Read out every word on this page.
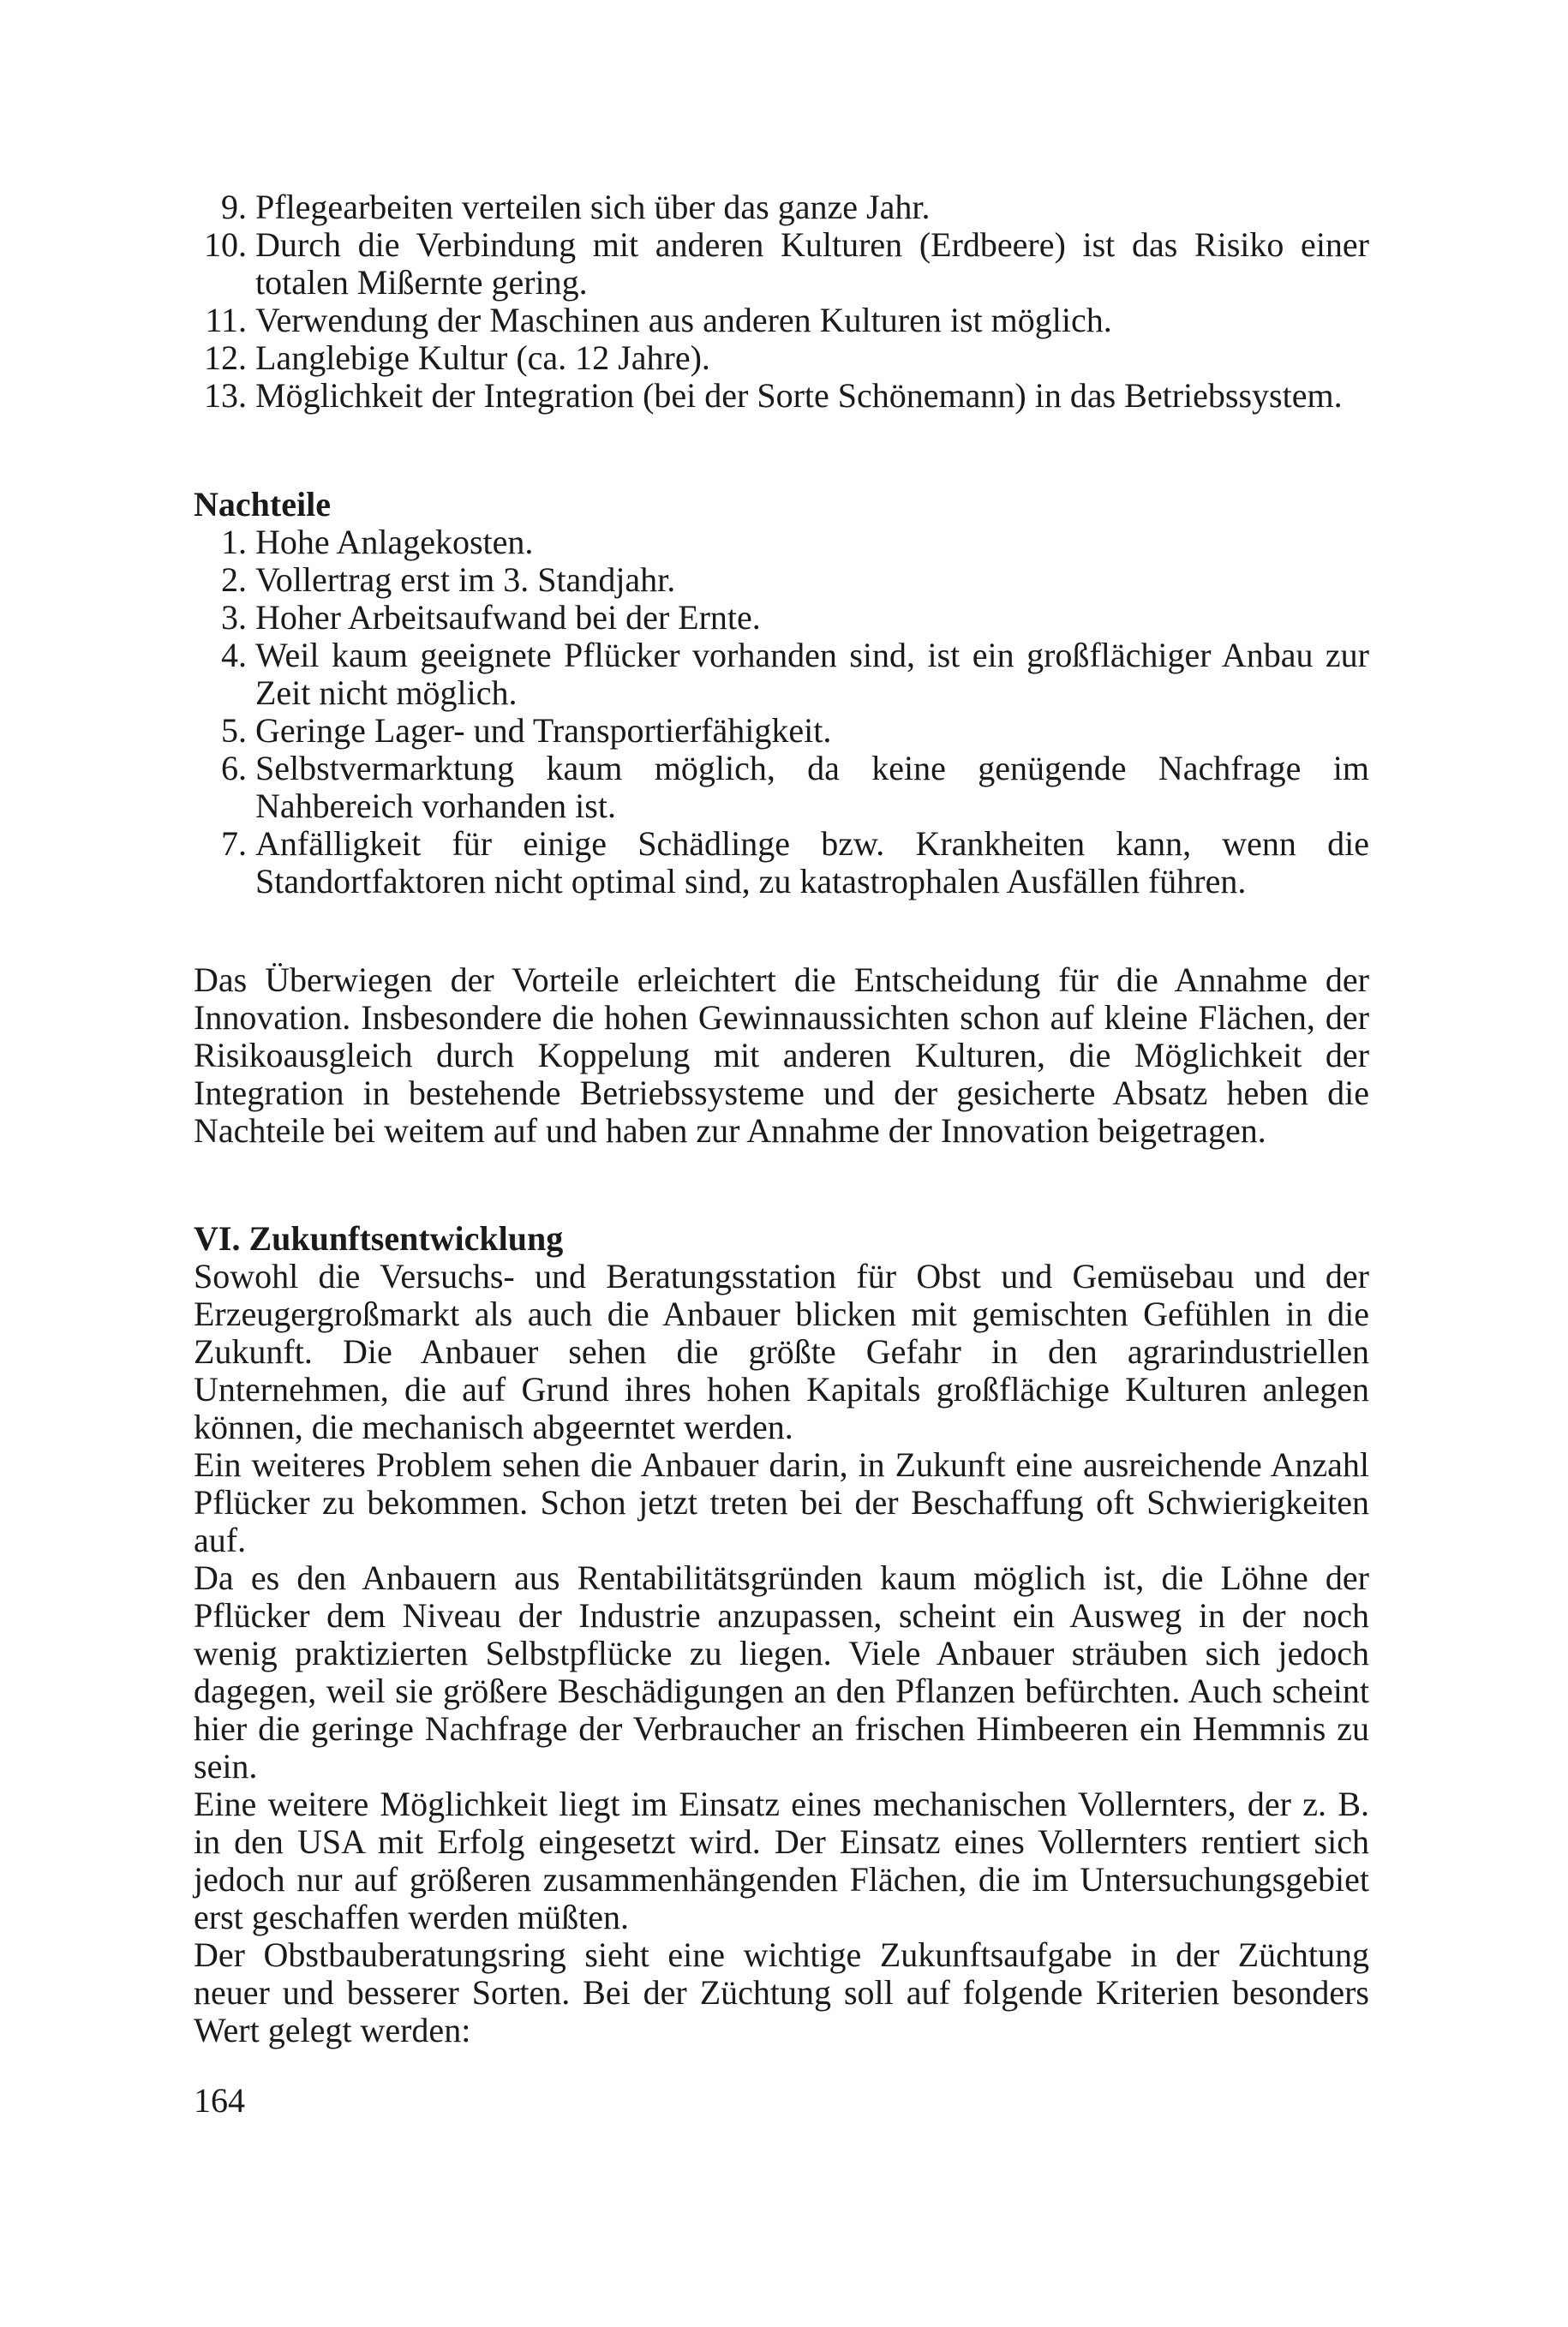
9. Pflegearbeiten verteilen sich über das ganze Jahr.
10. Durch die Verbindung mit anderen Kulturen (Erdbeere) ist das Risiko einer totalen Mißernte gering.
11. Verwendung der Maschinen aus anderen Kulturen ist möglich.
12. Langlebige Kultur (ca. 12 Jahre).
13. Möglichkeit der Integration (bei der Sorte Schönemann) in das Betriebssystem.

Nachteile

1. Hohe Anlagekosten.
2. Vollertrag erst im 3. Standjahr.
3. Hoher Arbeitsaufwand bei der Ernte.
4. Weil kaum geeignete Pflücker vorhanden sind, ist ein großflächiger Anbau zur Zeit nicht möglich.
5. Geringe Lager- und Transportierfähigkeit.
6. Selbstvermarktung kaum möglich, da keine genügende Nachfrage im Nahbereich vorhanden ist.
7. Anfälligkeit für einige Schädlinge bzw. Krankheiten kann, wenn die Standortfaktoren nicht optimal sind, zu katastrophalen Ausfällen führen.

Das Überwiegen der Vorteile erleichtert die Entscheidung für die Annahme der Innovation. Insbesondere die hohen Gewinnaussichten schon auf kleine Flächen, der Risikoausgleich durch Koppelung mit anderen Kulturen, die Möglichkeit der Integration in bestehende Betriebssysteme und der gesicherte Absatz heben die Nachteile bei weitem auf und haben zur Annahme der Innovation beigetragen.

VI. Zukunftsentwicklung

Sowohl die Versuchs- und Beratungsstation für Obst und Gemüsebau und der Erzeugergroßmarkt als auch die Anbauer blicken mit gemischten Gefühlen in die Zukunft. Die Anbauer sehen die größte Gefahr in den agrarindustriellen Unternehmen, die auf Grund ihres hohen Kapitals großflächige Kulturen anlegen können, die mechanisch abgeerntet werden.

Ein weiteres Problem sehen die Anbauer darin, in Zukunft eine ausreichende Anzahl Pflücker zu bekommen. Schon jetzt treten bei der Beschaffung oft Schwierigkeiten auf.

Da es den Anbauern aus Rentabilitätsgründen kaum möglich ist, die Löhne der Pflücker dem Niveau der Industrie anzupassen, scheint ein Ausweg in der noch wenig praktizierten Selbstpflücke zu liegen. Viele Anbauer sträuben sich jedoch dagegen, weil sie größere Beschädigungen an den Pflanzen befürchten. Auch scheint hier die geringe Nachfrage der Verbraucher an frischen Himbeeren ein Hemmnis zu sein.

Eine weitere Möglichkeit liegt im Einsatz eines mechanischen Vollernters, der z. B. in den USA mit Erfolg eingesetzt wird. Der Einsatz eines Vollernters rentiert sich jedoch nur auf größeren zusammenhängenden Flächen, die im Untersuchungsgebiet erst geschaffen werden müßten.

Der Obstbauberatungsring sieht eine wichtige Zukunftsaufgabe in der Züchtung neuer und besserer Sorten. Bei der Züchtung soll auf folgende Kriterien besonders Wert gelegt werden:

164
